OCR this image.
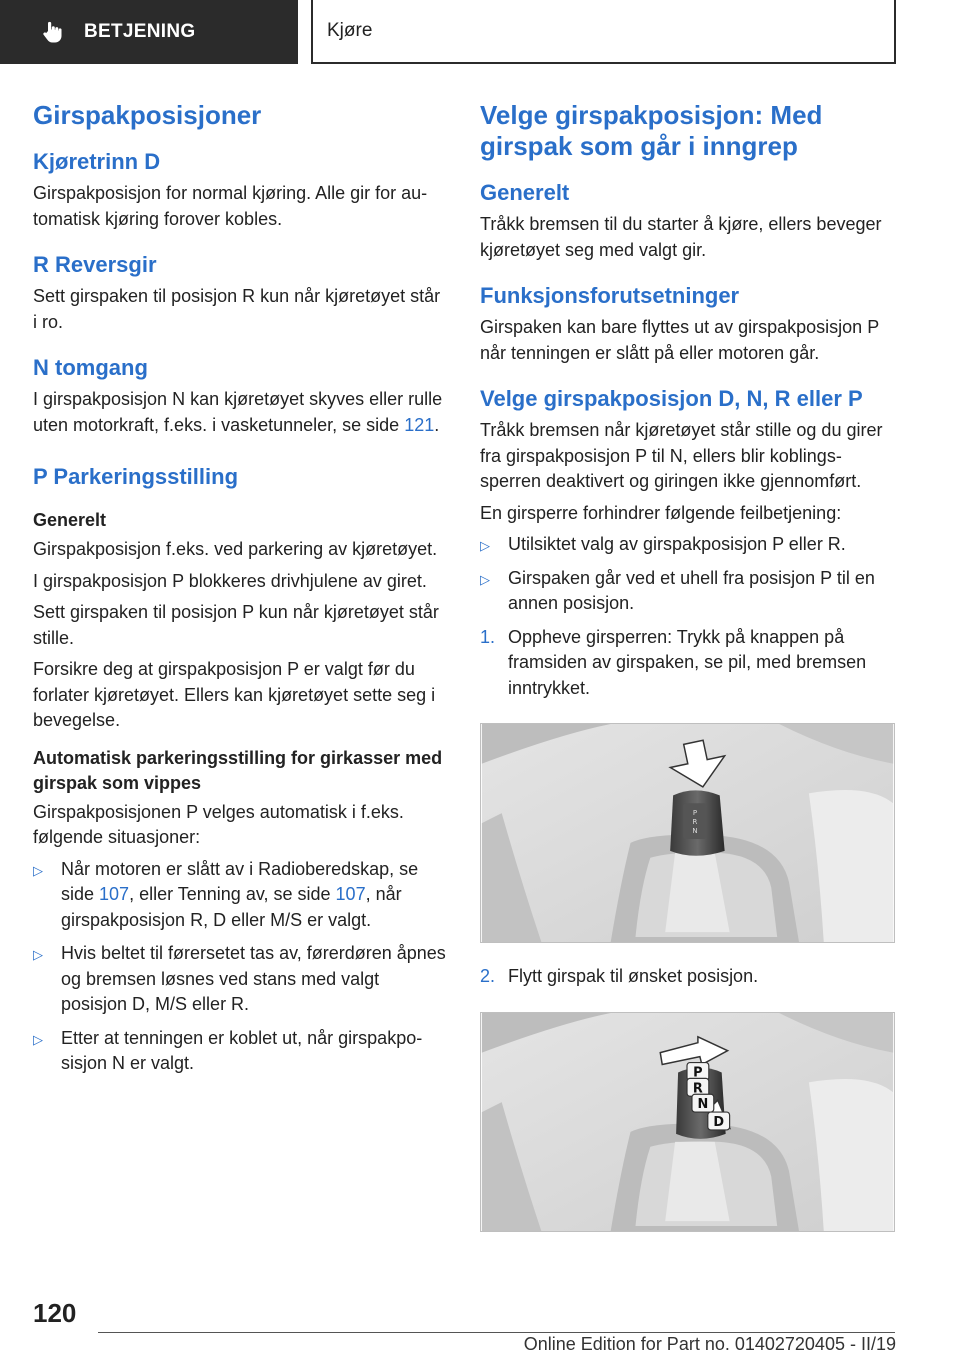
BETJENING	Kjøre
Girspakposisjoner
Kjøretrinn D

Girspakposisjon for normal kjøring. Alle gir for automatisk kjøring forover kobles.

R Reversgir

Sett girspaken til posisjon R kun når kjøretøyet står i ro.

N tomgang

I girspakposisjon N kan kjøretøyet skyves eller rulle uten motorkraft, f.eks. i vasketunneler, se side 121.

P Parkeringsstilling
Generelt

Girspakposisjon f.eks. ved parkering av kjøretøyet.

I girspakposisjon P blokkeres drivhjulene av giret.

Sett girspaken til posisjon P kun når kjøretøyet står stille.

Forsikre deg at girspakposisjon P er valgt før du forlater kjøretøyet. Ellers kan kjøretøyet sette seg i bevegelse.

Automatisk parkeringsstilling for girkasser med girspak som vippes

Girspakposisjonen P velges automatisk i f.eks. følgende situasjoner:

▷ Når motoren er slått av i Radioberedskap, se side 107, eller Tenning av, se side 107, når girspakposisjon R, D eller M/S er valgt.
▷ Hvis beltet til førersetet tas av, førerdøren åpnes og bremsen løsnes ved stans med valgt posisjon D, M/S eller R.
▷ Etter at tenningen er koblet ut, når girspakposisjon N er valgt.
Velge girspakposisjon: Med girspak som går i inngrep
Generelt

Tråkk bremsen til du starter å kjøre, ellers beveger kjøretøyet seg med valgt gir.

Funksjonsforutsetninger

Girspaken kan bare flyttes ut av girspakposisjon P når tenningen er slått på eller motoren går.

Velge girspakposisjon D, N, R eller P

Tråkk bremsen når kjøretøyet står stille og du girer fra girspakposisjon P til N, ellers blir koblingssperren deaktivert og giringen ikke gjennomført.

En girsperre forhindrer følgende feilbetjening:

▷ Utilsiktet valg av girspakposisjon P eller R.
▷ Girspaken går ved et uhell fra posisjon P til en annen posisjon.
1. Oppheve girsperren: Trykk på knappen på framsiden av girspaken, se pil, med bremsen inntrykket.
P
R
N
2. Flytt girspak til ønsket posisjon.
P
R
N
D
120
Online Edition for Part no. 01402720405 - II/19
